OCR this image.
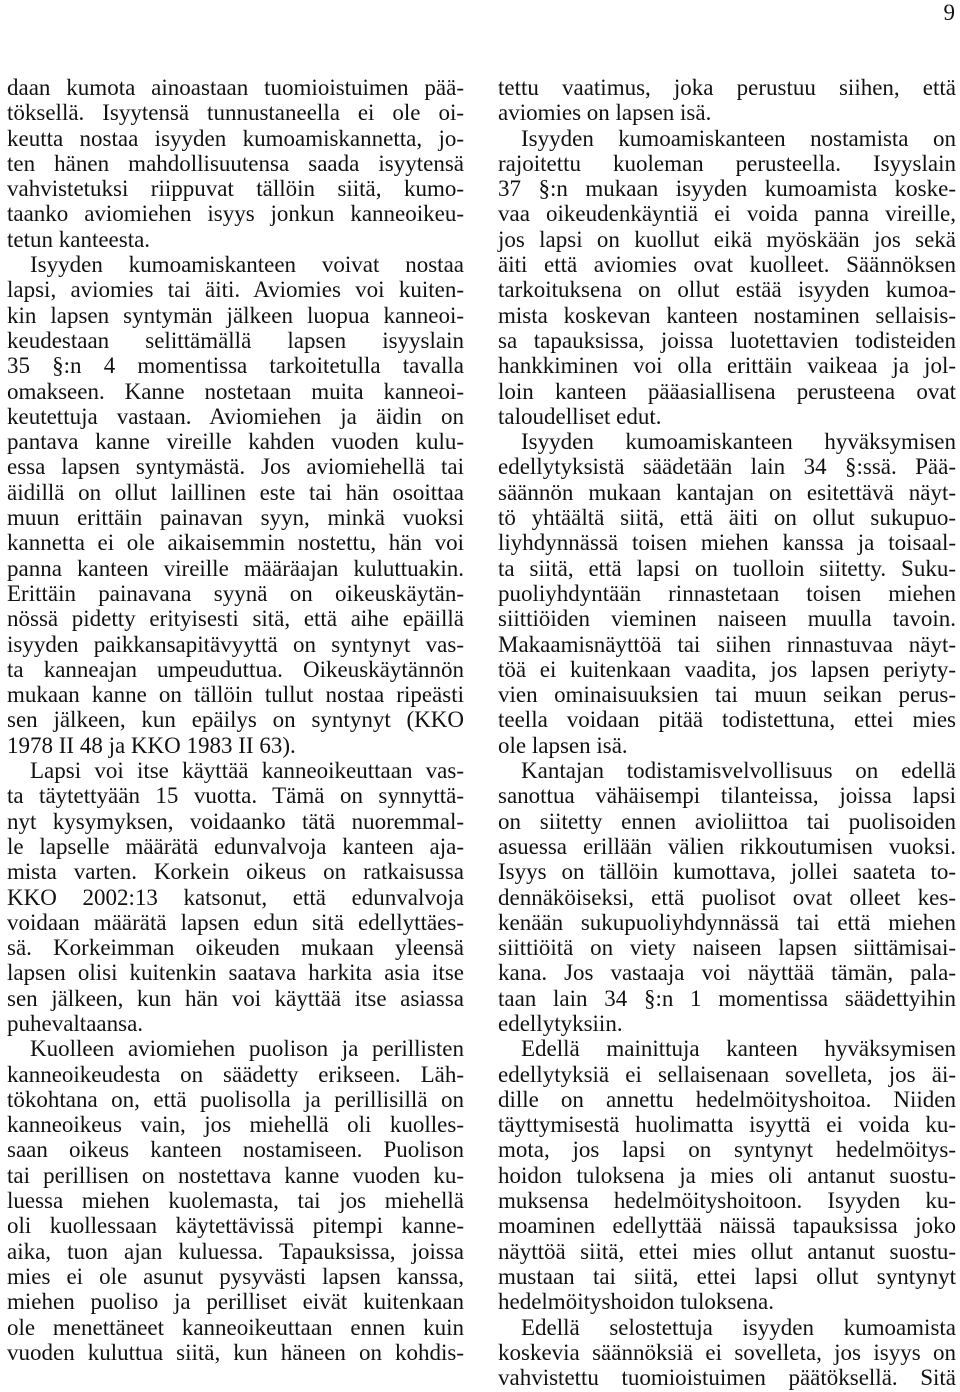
9
daan kumota ainoastaan tuomioistuimen pää-
töksellä. Isyytensä tunnustaneella ei ole oi-
keutta nostaa isyyden kumoamiskannetta, jo-
ten hänen mahdollisuutensa saada isyytensä
vahvistetuksi riippuvat tällöin siitä, kumo-
taanko aviomiehen isyys jonkun kanneoikeu-
tetun kanteesta.
Isyyden kumoamiskanteen voivat nostaa
lapsi, aviomies tai äiti. Aviomies voi kuiten-
kin lapsen syntymän jälkeen luopua kanneoi-
keudestaan selittämällä lapsen isyyslain
35 §:n 4 momentissa tarkoitetulla tavalla
omakseen. Kanne nostetaan muita kanneoi-
keutettuja vastaan. Aviomiehen ja äidin on
pantava kanne vireille kahden vuoden kulu-
essa lapsen syntymästä. Jos aviomiehellä tai
äidillä on ollut laillinen este tai hän osoittaa
muun erittäin painavan syyn, minkä vuoksi
kannetta ei ole aikaisemmin nostettu, hän voi
panna kanteen vireille määräajan kuluttuakin.
Erittäin painavana syynä on oikeuskäytän-
nössä pidetty erityisesti sitä, että aihe epäillä
isyyden paikkansapitävyyttä on syntynyt vas-
ta kanneajan umpeuduttua. Oikeuskäytännön
mukaan kanne on tällöin tullut nostaa ripeästi
sen jälkeen, kun epäilys on syntynyt (KKO
1978 II 48 ja KKO 1983 II 63).
Lapsi voi itse käyttää kanneoikeuttaan vas-
ta täytettyään 15 vuotta. Tämä on synnyttä-
nyt kysymyksen, voidaanko tätä nuoremmal-
le lapselle määrätä edunvalvoja kanteen aja-
mista varten. Korkein oikeus on ratkaisussa
KKO 2002:13 katsonut, että edunvalvoja
voidaan määrätä lapsen edun sitä edellyttäes-
sä. Korkeimman oikeuden mukaan yleensä
lapsen olisi kuitenkin saatava harkita asia itse
sen jälkeen, kun hän voi käyttää itse asiassa
puhevaltaansa.
Kuolleen aviomiehen puolison ja perillisten
kanneoikeudesta on säädetty erikseen. Läh-
tökohtana on, että puolisolla ja perillisillä on
kanneoikeus vain, jos miehellä oli kuolles-
saan oikeus kanteen nostamiseen. Puolison
tai perillisen on nostettava kanne vuoden ku-
luessa miehen kuolemasta, tai jos miehellä
oli kuollessaan käytettävissä pitempi kanne-
aika, tuon ajan kuluessa. Tapauksissa, joissa
mies ei ole asunut pysyvästi lapsen kanssa,
miehen puoliso ja perilliset eivät kuitenkaan
ole menettäneet kanneoikeuttaan ennen kuin
vuoden kuluttua siitä, kun häneen on kohdis-
tettu vaatimus, joka perustuu siihen, että
aviomies on lapsen isä.
Isyyden kumoamiskanteen nostamista on
rajoitettu kuoleman perusteella. Isyyslain
37 §:n mukaan isyyden kumoamista koske-
vaa oikeudenkäyntiä ei voida panna vireille,
jos lapsi on kuollut eikä myöskään jos sekä
äiti että aviomies ovat kuolleet. Säännöksen
tarkoituksena on ollut estää isyyden kumoa-
mista koskevan kanteen nostaminen sellaisis-
sa tapauksissa, joissa luotettavien todisteiden
hankkiminen voi olla erittäin vaikeaa ja jol-
loin kanteen pääasiallisena perusteena ovat
taloudelliset edut.
Isyyden kumoamiskanteen hyväksymisen
edellytyksistä säädetään lain 34 §:ssä. Pää-
säännön mukaan kantajan on esitettävä näyt-
tö yhtäältä siitä, että äiti on ollut sukupuo-
liyhdynnässä toisen miehen kanssa ja toisaal-
ta siitä, että lapsi on tuolloin siitetty. Suku-
puoliyhdyntään rinnastetaan toisen miehen
siittiöiden vieminen naiseen muulla tavoin.
Makaamisnäyttöä tai siihen rinnastuvaa näyt-
töä ei kuitenkaan vaadita, jos lapsen periyty-
vien ominaisuuksien tai muun seikan perus-
teella voidaan pitää todistettuna, ettei mies
ole lapsen isä.
Kantajan todistamisvelvollisuus on edellä
sanottua vähäisempi tilanteissa, joissa lapsi
on siitetty ennen avioliittoa tai puolisoiden
asuessa erillään välien rikkoutumisen vuoksi.
Isyys on tällöin kumottava, jollei saateta to-
dennäköiseksi, että puolisot ovat olleet kes-
kenään sukupuoliyhdynnässä tai että miehen
siittiöitä on viety naiseen lapsen siittämisai-
kana. Jos vastaaja voi näyttää tämän, pala-
taan lain 34 §:n 1 momentissa säädettyihin
edellytyksiin.
Edellä mainittuja kanteen hyväksymisen
edellytyksiä ei sellaisenaan sovelleta, jos äi-
dille on annettu hedelmöityshoitoa. Niiden
täyttymisestä huolimatta isyyttä ei voida ku-
mota, jos lapsi on syntynyt hedelmöitys-
hoidon tuloksena ja mies oli antanut suostu-
muksensa hedelmöityshoitoon. Isyyden ku-
moaminen edellyttää näissä tapauksissa joko
näyttöä siitä, ettei mies ollut antanut suostu-
mustaan tai siitä, ettei lapsi ollut syntynyt
hedelmöityshoidon tuloksena.
Edellä selostettuja isyyden kumoamista
koskevia säännöksiä ei sovelleta, jos isyys on
vahvistettu tuomioistuimen päätöksellä. Sitä
